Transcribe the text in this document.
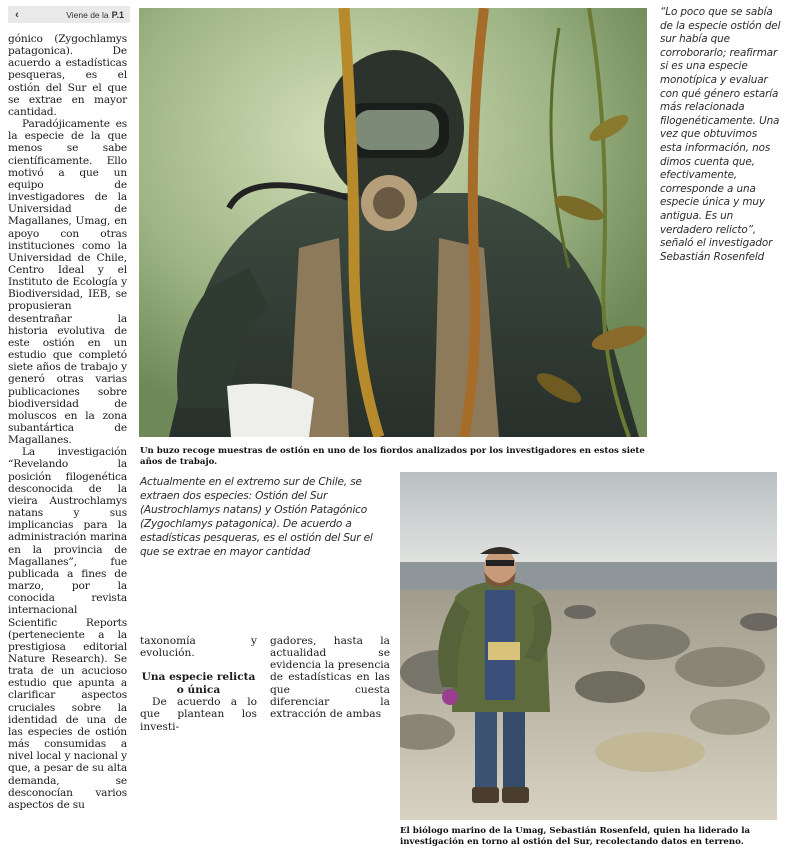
‹	Viene de la P.1

gónico (Zygochlamys patagonica). De acuerdo a estadísticas pesqueras, es el ostión del Sur el que se extrae en mayor cantidad.

Paradójicamente es la especie de la que menos se sabe científicamente. Ello motivó a que un equipo de investigadores de la Universidad de Magallanes, Umag, en apoyo con otras instituciones como la Universidad de Chile, Centro Ideal y el Instituto de Ecología y Biodiversidad, IEB, se propusieran desentrañar la historia evolutiva de este ostión en un estudio que completó siete años de trabajo y generó otras varias publicaciones sobre biodiversidad de moluscos en la zona subantártica de Magallanes.

La investigación “Revelando la posición filogenética desconocida de la vieira Austrochlamys natans y sus implicancias para la administración marina en la provincia de Magallanes”, fue publicada a fines de marzo, por la conocida revista internacional Scientific Reports (perteneciente a la prestigiosa editorial Nature Research). Se trata de un acucioso estudio que apunta a clarificar aspectos cruciales sobre la identidad de una de las especies de ostión más consumidas a nivel local y nacional y que, a pesar de su alta demanda, se desconocían varios aspectos de su

Un buzo recoge muestras de ostión en uno de los fiordos analizados por los investigadores en estos siete años de trabajo.
“Lo poco que se sabía de la especie ostión del sur había que corroborarlo; reafirmar si es una especie monotípica y evaluar con qué género estaría más relacionada filogenéticamente. Una vez que obtuvimos esta información, nos dimos cuenta que, efectivamente, corresponde a una especie única y muy antigua. Es un verdadero relicto”, señaló el investigador Sebastián Rosenfeld
Actualmente en el extremo sur de Chile, se extraen dos especies: Ostión del Sur (Austrochlamys natans) y Ostión Patagónico (Zygochlamys patagonica). De acuerdo a estadísticas pesqueras, es el ostión del Sur el que se extrae en mayor cantidad
taxonomía y evolución.
Una especie relicta o única
De acuerdo a lo que plantean los investi-
gadores, hasta la actualidad se evidencia la presencia de estadísticas en las que cuesta diferenciar la extracción de ambas
El biólogo marino de la Umag, Sebastián Rosenfeld, quien ha liderado la investigación en torno al ostión del Sur, recolectando datos en terreno.
